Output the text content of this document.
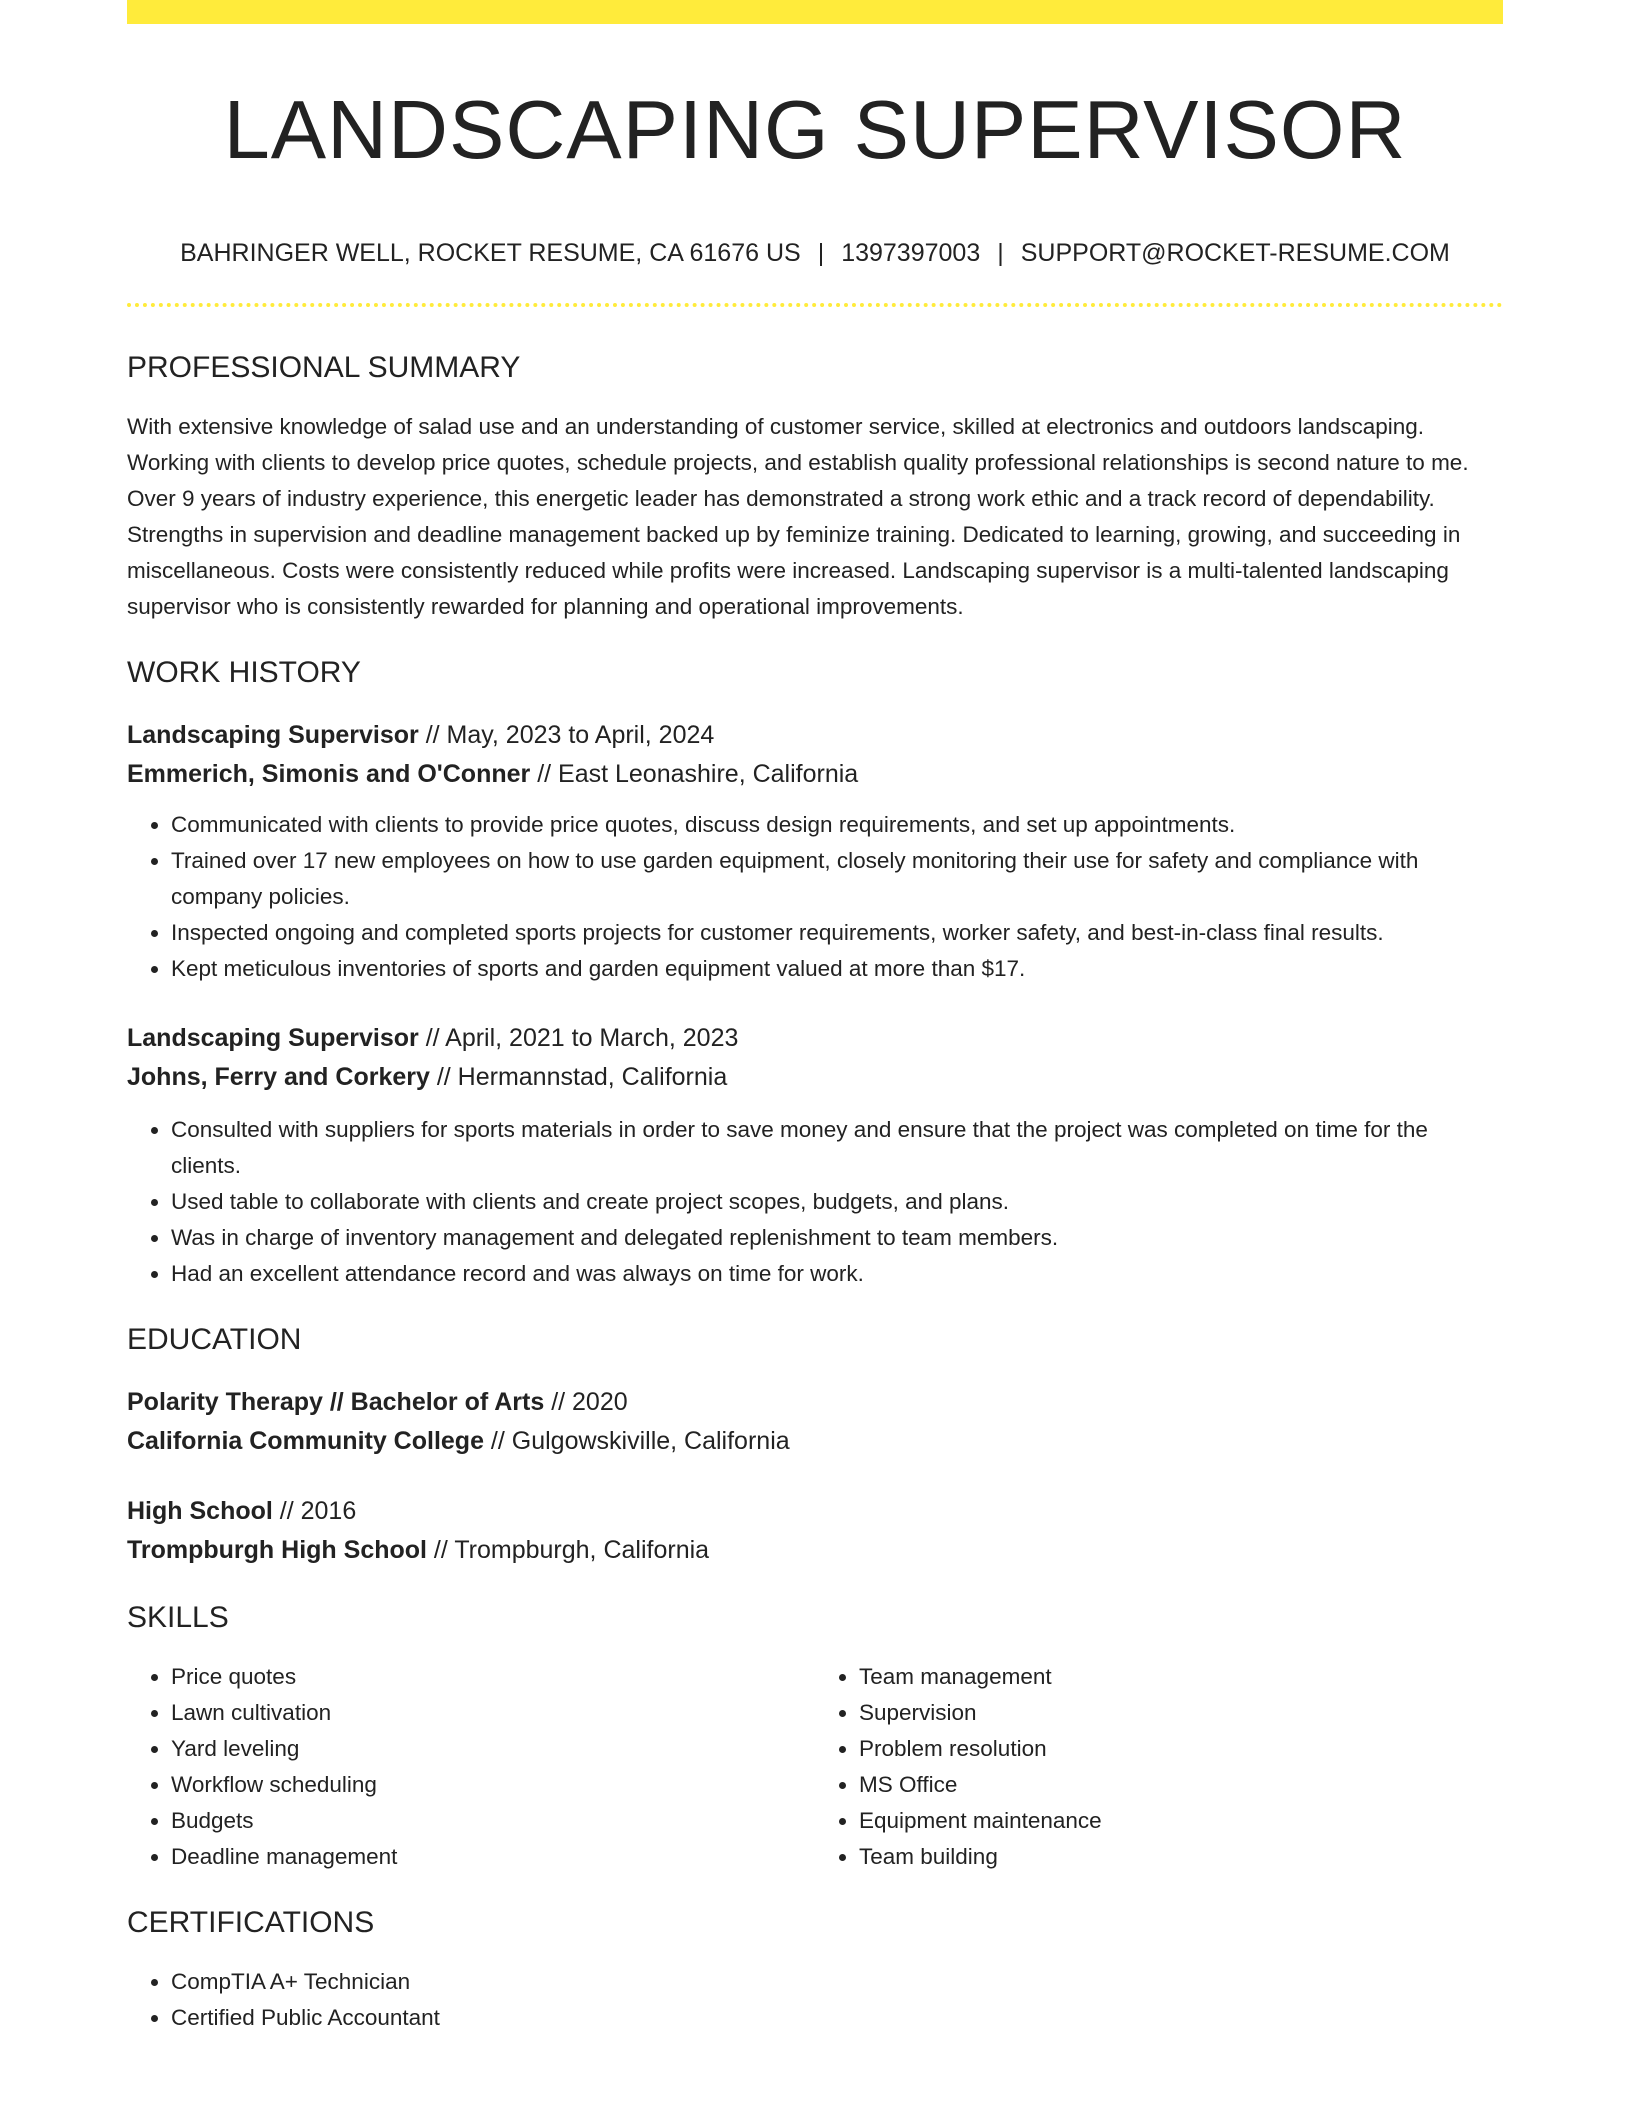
LANDSCAPING SUPERVISOR
BAHRINGER WELL, ROCKET RESUME, CA 61676 US | 1397397003 | SUPPORT@ROCKET-RESUME.COM
PROFESSIONAL SUMMARY
With extensive knowledge of salad use and an understanding of customer service, skilled at electronics and outdoors landscaping. Working with clients to develop price quotes, schedule projects, and establish quality professional relationships is second nature to me. Over 9 years of industry experience, this energetic leader has demonstrated a strong work ethic and a track record of dependability. Strengths in supervision and deadline management backed up by feminize training. Dedicated to learning, growing, and succeeding in miscellaneous. Costs were consistently reduced while profits were increased. Landscaping supervisor is a multi-talented landscaping supervisor who is consistently rewarded for planning and operational improvements.
WORK HISTORY
Landscaping Supervisor // May, 2023 to April, 2024
Emmerich, Simonis and O'Conner // East Leonashire, California
• Communicated with clients to provide price quotes, discuss design requirements, and set up appointments.
• Trained over 17 new employees on how to use garden equipment, closely monitoring their use for safety and compliance with company policies.
• Inspected ongoing and completed sports projects for customer requirements, worker safety, and best-in-class final results.
• Kept meticulous inventories of sports and garden equipment valued at more than $17.
Landscaping Supervisor // April, 2021 to March, 2023
Johns, Ferry and Corkery // Hermannstad, California
• Consulted with suppliers for sports materials in order to save money and ensure that the project was completed on time for the clients.
• Used table to collaborate with clients and create project scopes, budgets, and plans.
• Was in charge of inventory management and delegated replenishment to team members.
• Had an excellent attendance record and was always on time for work.
EDUCATION
Polarity Therapy // Bachelor of Arts // 2020
California Community College // Gulgowskiville, California
High School // 2016
Trompburgh High School // Trompburgh, California
SKILLS
• Price quotes
• Lawn cultivation
• Yard leveling
• Workflow scheduling
• Budgets
• Deadline management
• Team management
• Supervision
• Problem resolution
• MS Office
• Equipment maintenance
• Team building
CERTIFICATIONS
• CompTIA A+ Technician
• Certified Public Accountant
